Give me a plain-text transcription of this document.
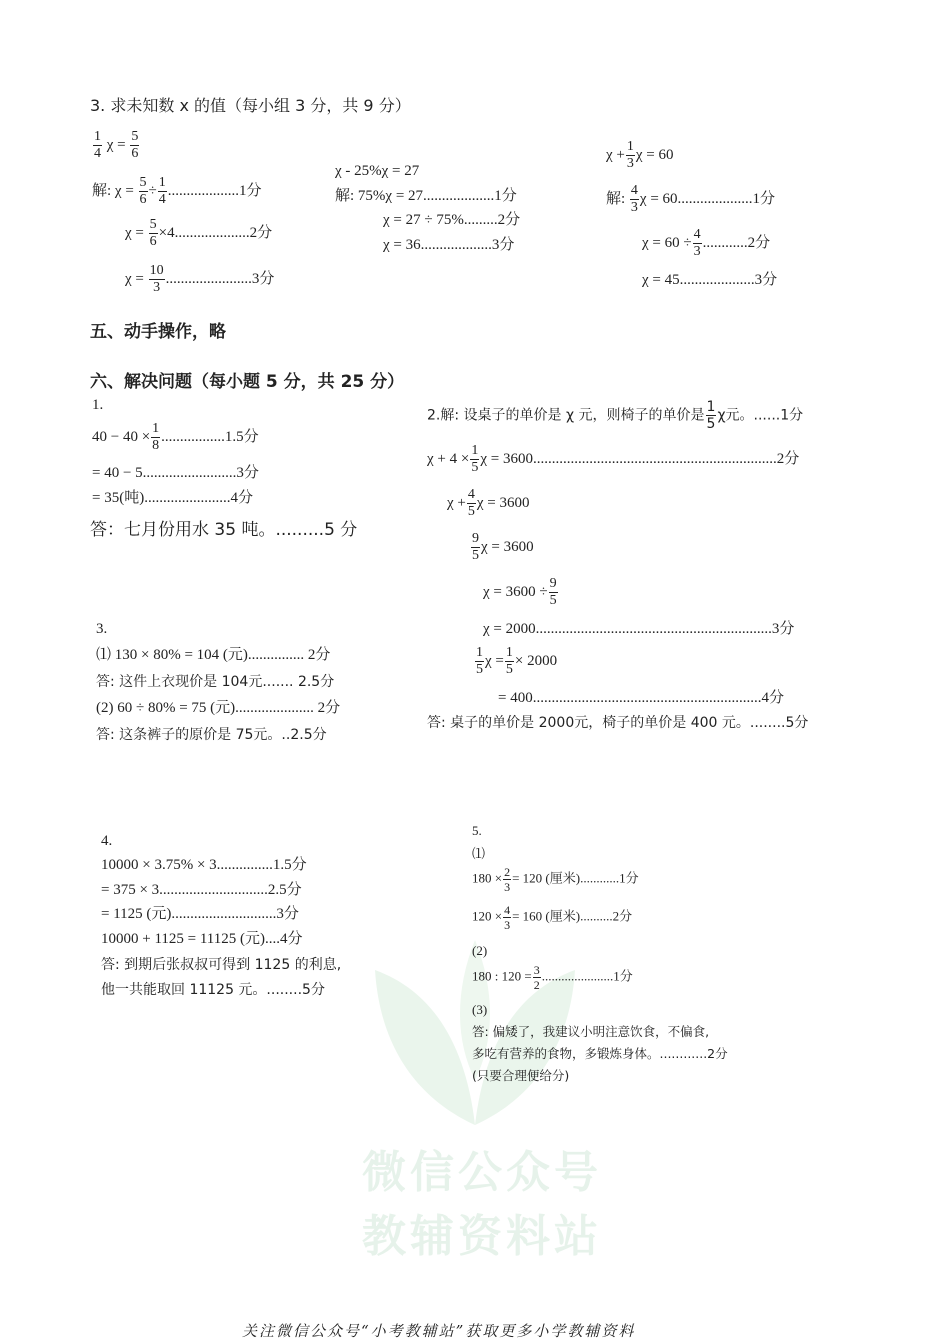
微信公众号
教辅资料站
3. 求未知数 x 的值（每小组 3 分，共 9 分）
$\frac{1}{4}$ $\chi = \frac{5}{6}$
解: $\chi = \frac{5}{6} \div \frac{1}{4} ...................1$分
$\chi = \frac{5}{6} \times 4....................2$分
$\chi = \frac{10}{3} .......................3$分
χ - 25%χ = 27
解: 75%χ = 27...................1分
χ = 27 ÷ 75%.........2分
χ = 36...................3分
$\chi + \frac{1}{3}$ χ = 60
解: $\frac{4}{3}$ χ = 60....................1分
$\chi = 60 \div \frac{4}{3} ............2$分
χ = 45....................3分
五、动手操作，略
六、解决问题（每小题 5 分，共 25 分）
1.
$40 - 40 \times \frac{1}{8} .................1.5$分
= 40 − 5.........................3分
= 35(吨).......................4分
答：七月份用水 35 吨。.........5 分
2.解: 设桌子的单价是 χ 元，则椅子的单价是 $\frac{1}{5}$ χ元。......1分
$\chi + 4 \times \frac{1}{5}$ χ = 3600.................................................................2分
$\chi + \frac{4}{5}$ χ = 3600
$\frac{9}{5}$ χ = 3600
$\chi = 3600 \div \frac{9}{5}$
χ = 2000...............................................................3分
$\frac{1}{5}$ $\chi = \frac{1}{5} \times 2000$
= 400.............................................................4分
答: 桌子的单价是 2000元，椅子的单价是 400 元。........5分
3.
⑴ 130 × 80% = 104 (元)............... 2分
答: 这件上衣现价是 104元....... 2.5分
(2) 60 ÷ 80% = 75 (元)..................... 2分
答: 这条裤子的原价是 75元。..2.5分
4.
10000 × 3.75% × 3...............1.5分
= 375 × 3.............................2.5分
= 1125 (元)............................3分
10000 + 1125 = 11125 (元)....4分
答: 到期后张叔叔可得到 1125 的利息,
他一共能取回 11125 元。........5分
5.
⑴
$180 \times \frac{2}{3} = 120$ (厘米)............1分
$120 \times \frac{4}{3} = 160$ (厘米)..........2分
(2)
180 : $120 = \frac{3}{2} ......................1$分
(3)
答: 偏矮了，我建议小明注意饮食，不偏食,
多吃有营养的食物，多锻炼身体。............2分
(只要合理便给分)
关注微信公众号“小考教辅站”获取更多小学教辅资料
